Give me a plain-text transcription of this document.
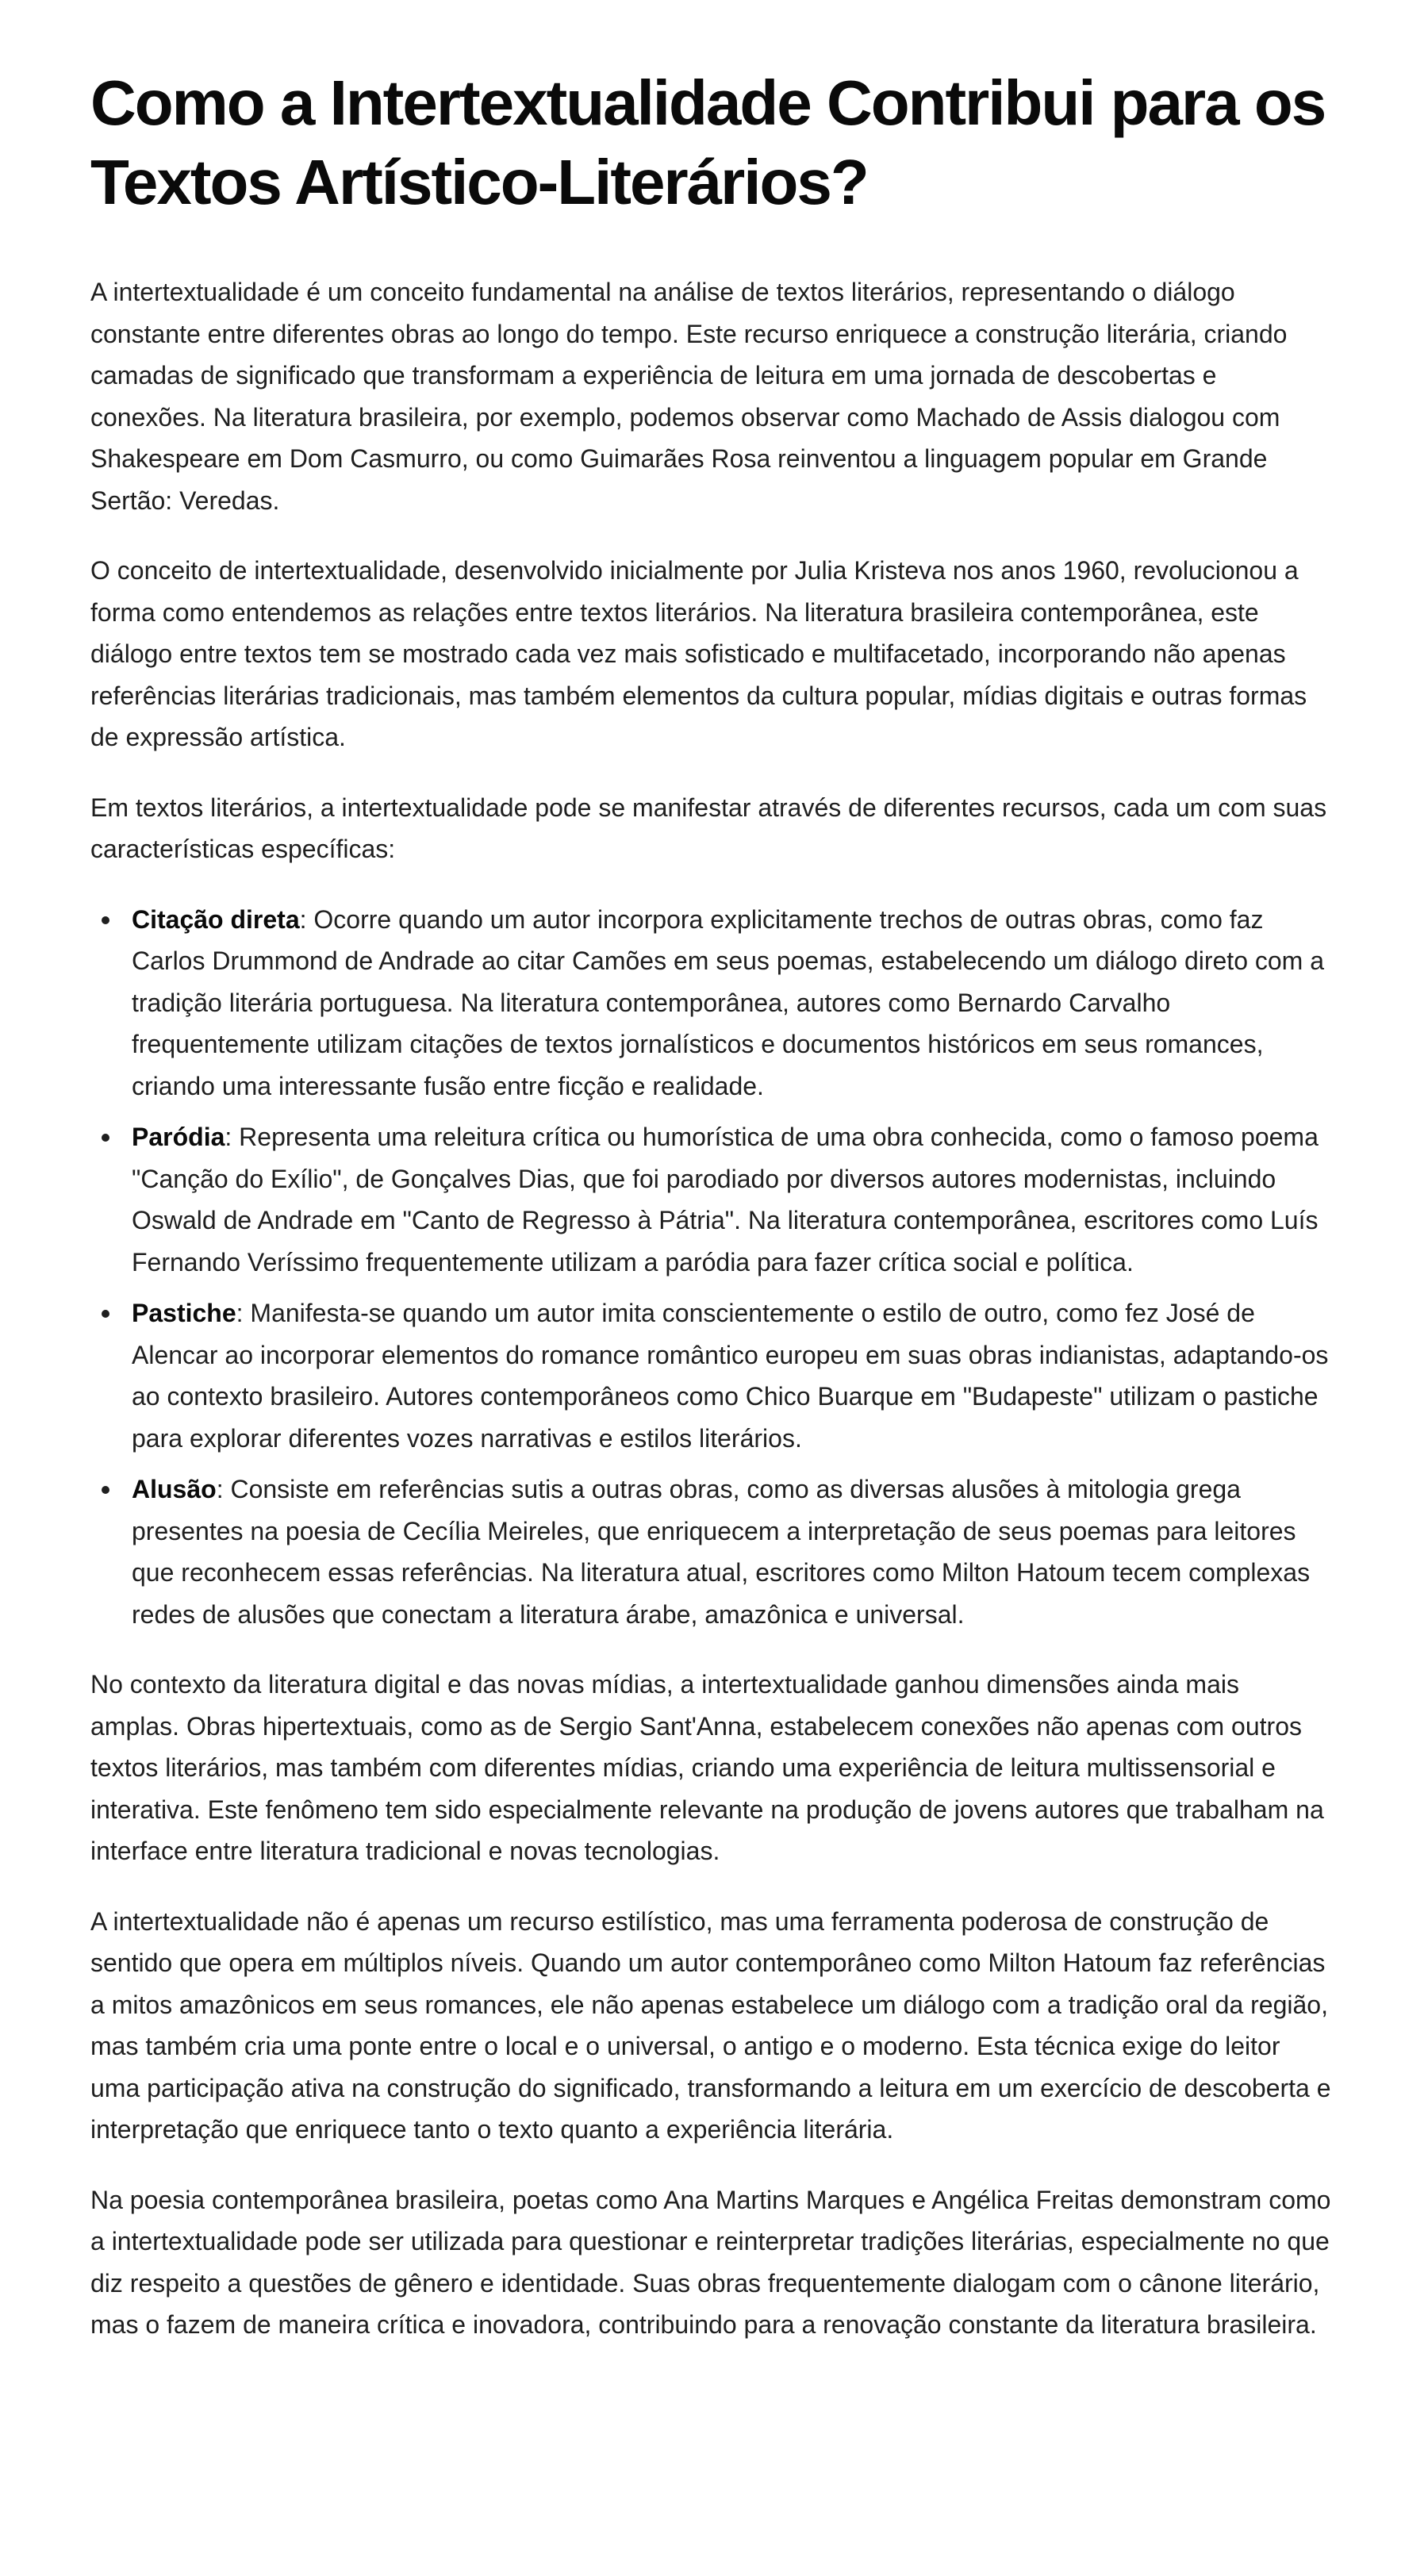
Como a Intertextualidade Contribui para os Textos Artístico-Literários?

A intertextualidade é um conceito fundamental na análise de textos literários, representando o diálogo constante entre diferentes obras ao longo do tempo. Este recurso enriquece a construção literária, criando camadas de significado que transformam a experiência de leitura em uma jornada de descobertas e conexões. Na literatura brasileira, por exemplo, podemos observar como Machado de Assis dialogou com Shakespeare em Dom Casmurro, ou como Guimarães Rosa reinventou a linguagem popular em Grande Sertão: Veredas.

O conceito de intertextualidade, desenvolvido inicialmente por Julia Kristeva nos anos 1960, revolucionou a forma como entendemos as relações entre textos literários. Na literatura brasileira contemporânea, este diálogo entre textos tem se mostrado cada vez mais sofisticado e multifacetado, incorporando não apenas referências literárias tradicionais, mas também elementos da cultura popular, mídias digitais e outras formas de expressão artística.

Em textos literários, a intertextualidade pode se manifestar através de diferentes recursos, cada um com suas características específicas:

Citação direta: Ocorre quando um autor incorpora explicitamente trechos de outras obras, como faz Carlos Drummond de Andrade ao citar Camões em seus poemas, estabelecendo um diálogo direto com a tradição literária portuguesa. Na literatura contemporânea, autores como Bernardo Carvalho frequentemente utilizam citações de textos jornalísticos e documentos históricos em seus romances, criando uma interessante fusão entre ficção e realidade.
Paródia: Representa uma releitura crítica ou humorística de uma obra conhecida, como o famoso poema "Canção do Exílio", de Gonçalves Dias, que foi parodiado por diversos autores modernistas, incluindo Oswald de Andrade em "Canto de Regresso à Pátria". Na literatura contemporânea, escritores como Luís Fernando Veríssimo frequentemente utilizam a paródia para fazer crítica social e política.
Pastiche: Manifesta-se quando um autor imita conscientemente o estilo de outro, como fez José de Alencar ao incorporar elementos do romance romântico europeu em suas obras indianistas, adaptando-os ao contexto brasileiro. Autores contemporâneos como Chico Buarque em "Budapeste" utilizam o pastiche para explorar diferentes vozes narrativas e estilos literários.
Alusão: Consiste em referências sutis a outras obras, como as diversas alusões à mitologia grega presentes na poesia de Cecília Meireles, que enriquecem a interpretação de seus poemas para leitores que reconhecem essas referências. Na literatura atual, escritores como Milton Hatoum tecem complexas redes de alusões que conectam a literatura árabe, amazônica e universal.

No contexto da literatura digital e das novas mídias, a intertextualidade ganhou dimensões ainda mais amplas. Obras hipertextuais, como as de Sergio Sant'Anna, estabelecem conexões não apenas com outros textos literários, mas também com diferentes mídias, criando uma experiência de leitura multissensorial e interativa. Este fenômeno tem sido especialmente relevante na produção de jovens autores que trabalham na interface entre literatura tradicional e novas tecnologias.

A intertextualidade não é apenas um recurso estilístico, mas uma ferramenta poderosa de construção de sentido que opera em múltiplos níveis. Quando um autor contemporâneo como Milton Hatoum faz referências a mitos amazônicos em seus romances, ele não apenas estabelece um diálogo com a tradição oral da região, mas também cria uma ponte entre o local e o universal, o antigo e o moderno. Esta técnica exige do leitor uma participação ativa na construção do significado, transformando a leitura em um exercício de descoberta e interpretação que enriquece tanto o texto quanto a experiência literária.

Na poesia contemporânea brasileira, poetas como Ana Martins Marques e Angélica Freitas demonstram como a intertextualidade pode ser utilizada para questionar e reinterpretar tradições literárias, especialmente no que diz respeito a questões de gênero e identidade. Suas obras frequentemente dialogam com o cânone literário, mas o fazem de maneira crítica e inovadora, contribuindo para a renovação constante da literatura brasileira.
